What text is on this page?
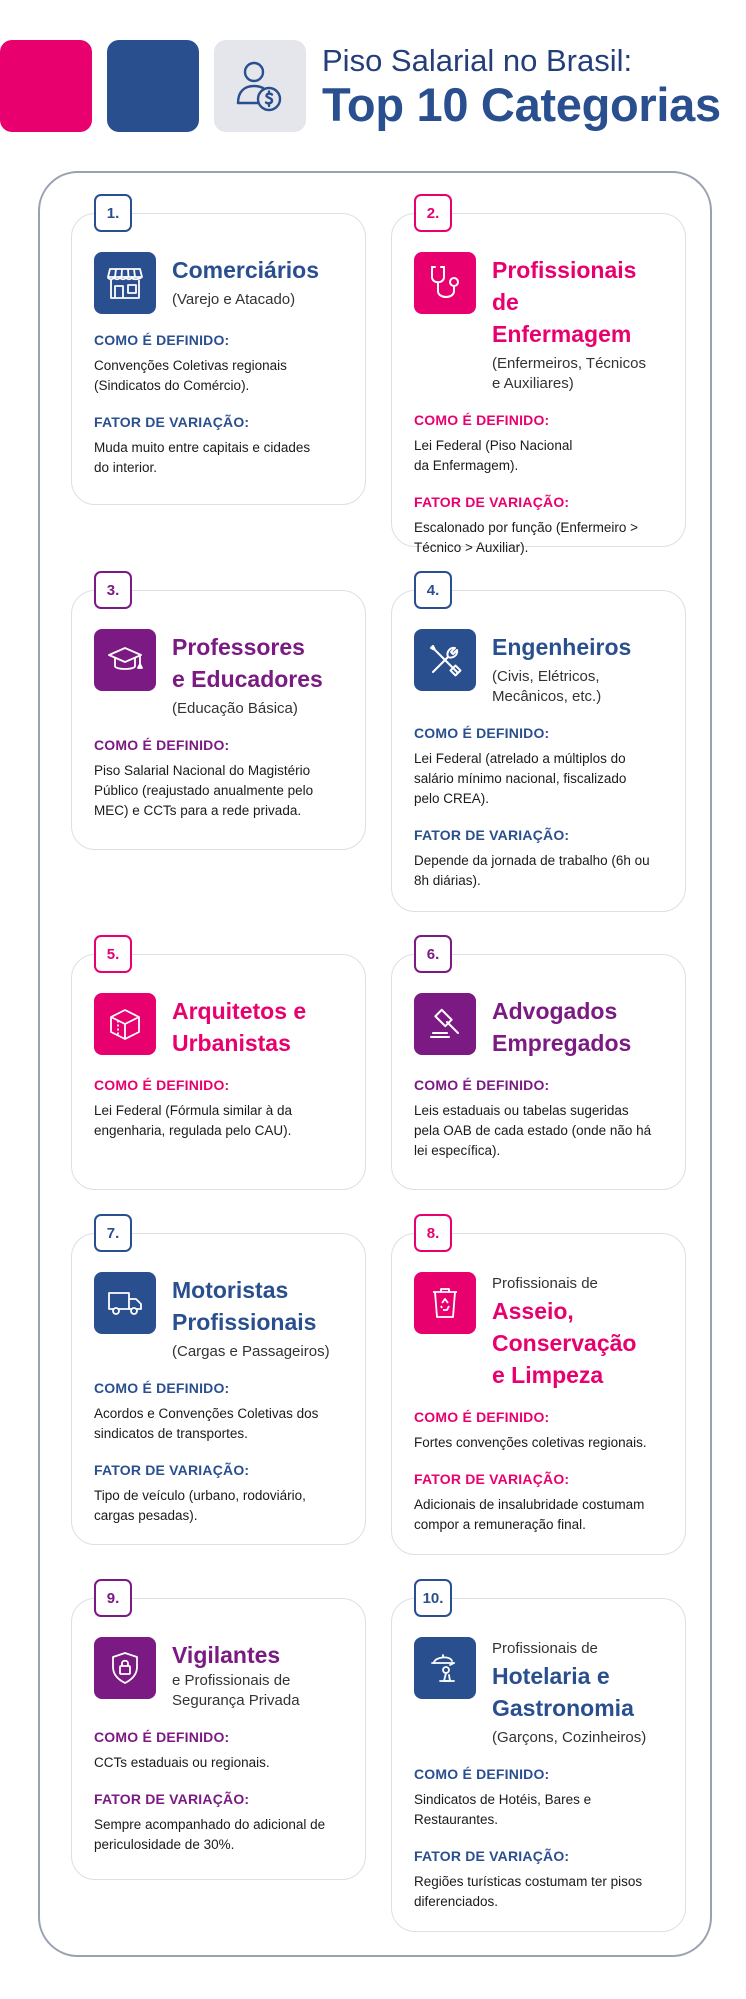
Piso Salarial no Brasil:
Top 10 Categorias
1.
Comerciários
(Varejo e Atacado)
COMO É DEFINIDO:
Convenções Coletivas regionais
(Sindicatos do Comércio).
FATOR DE VARIAÇÃO:
Muda muito entre capitais e cidades
do interior.
2.
Profissionais
de Enfermagem
(Enfermeiros, Técnicos
e Auxiliares)
COMO É DEFINIDO:
Lei Federal (Piso Nacional
da Enfermagem).
FATOR DE VARIAÇÃO:
Escalonado por função (Enfermeiro >
Técnico > Auxiliar).
3.
Professores
e Educadores
(Educação Básica)
COMO É DEFINIDO:
Piso Salarial Nacional do Magistério
Público (reajustado anualmente pelo
MEC) e CCTs para a rede privada.
4.
Engenheiros
(Civis, Elétricos,
Mecânicos, etc.)
COMO É DEFINIDO:
Lei Federal (atrelado a múltiplos do
salário mínimo nacional, fiscalizado
pelo CREA).
FATOR DE VARIAÇÃO:
Depende da jornada de trabalho (6h ou
8h diárias).
5.
Arquitetos e
Urbanistas
COMO É DEFINIDO:
Lei Federal (Fórmula similar à da
engenharia, regulada pelo CAU).
6.
Advogados
Empregados
COMO É DEFINIDO:
Leis estaduais ou tabelas sugeridas
pela OAB de cada estado (onde não há
lei específica).
7.
Motoristas
Profissionais
(Cargas e Passageiros)
COMO É DEFINIDO:
Acordos e Convenções Coletivas dos
sindicatos de transportes.
FATOR DE VARIAÇÃO:
Tipo de veículo (urbano, rodoviário,
cargas pesadas).
8.
Profissionais de
Asseio,
Conservação
e Limpeza
COMO É DEFINIDO:
Fortes convenções coletivas regionais.
FATOR DE VARIAÇÃO:
Adicionais de insalubridade costumam
compor a remuneração final.
9.
Vigilantes
e Profissionais de
Segurança Privada
COMO É DEFINIDO:
CCTs estaduais ou regionais.
FATOR DE VARIAÇÃO:
Sempre acompanhado do adicional de
periculosidade de 30%.
10.
Profissionais de
Hotelaria e
Gastronomia
(Garçons, Cozinheiros)
COMO É DEFINIDO:
Sindicatos de Hotéis, Bares e
Restaurantes.
FATOR DE VARIAÇÃO:
Regiões turísticas costumam ter pisos
diferenciados.
